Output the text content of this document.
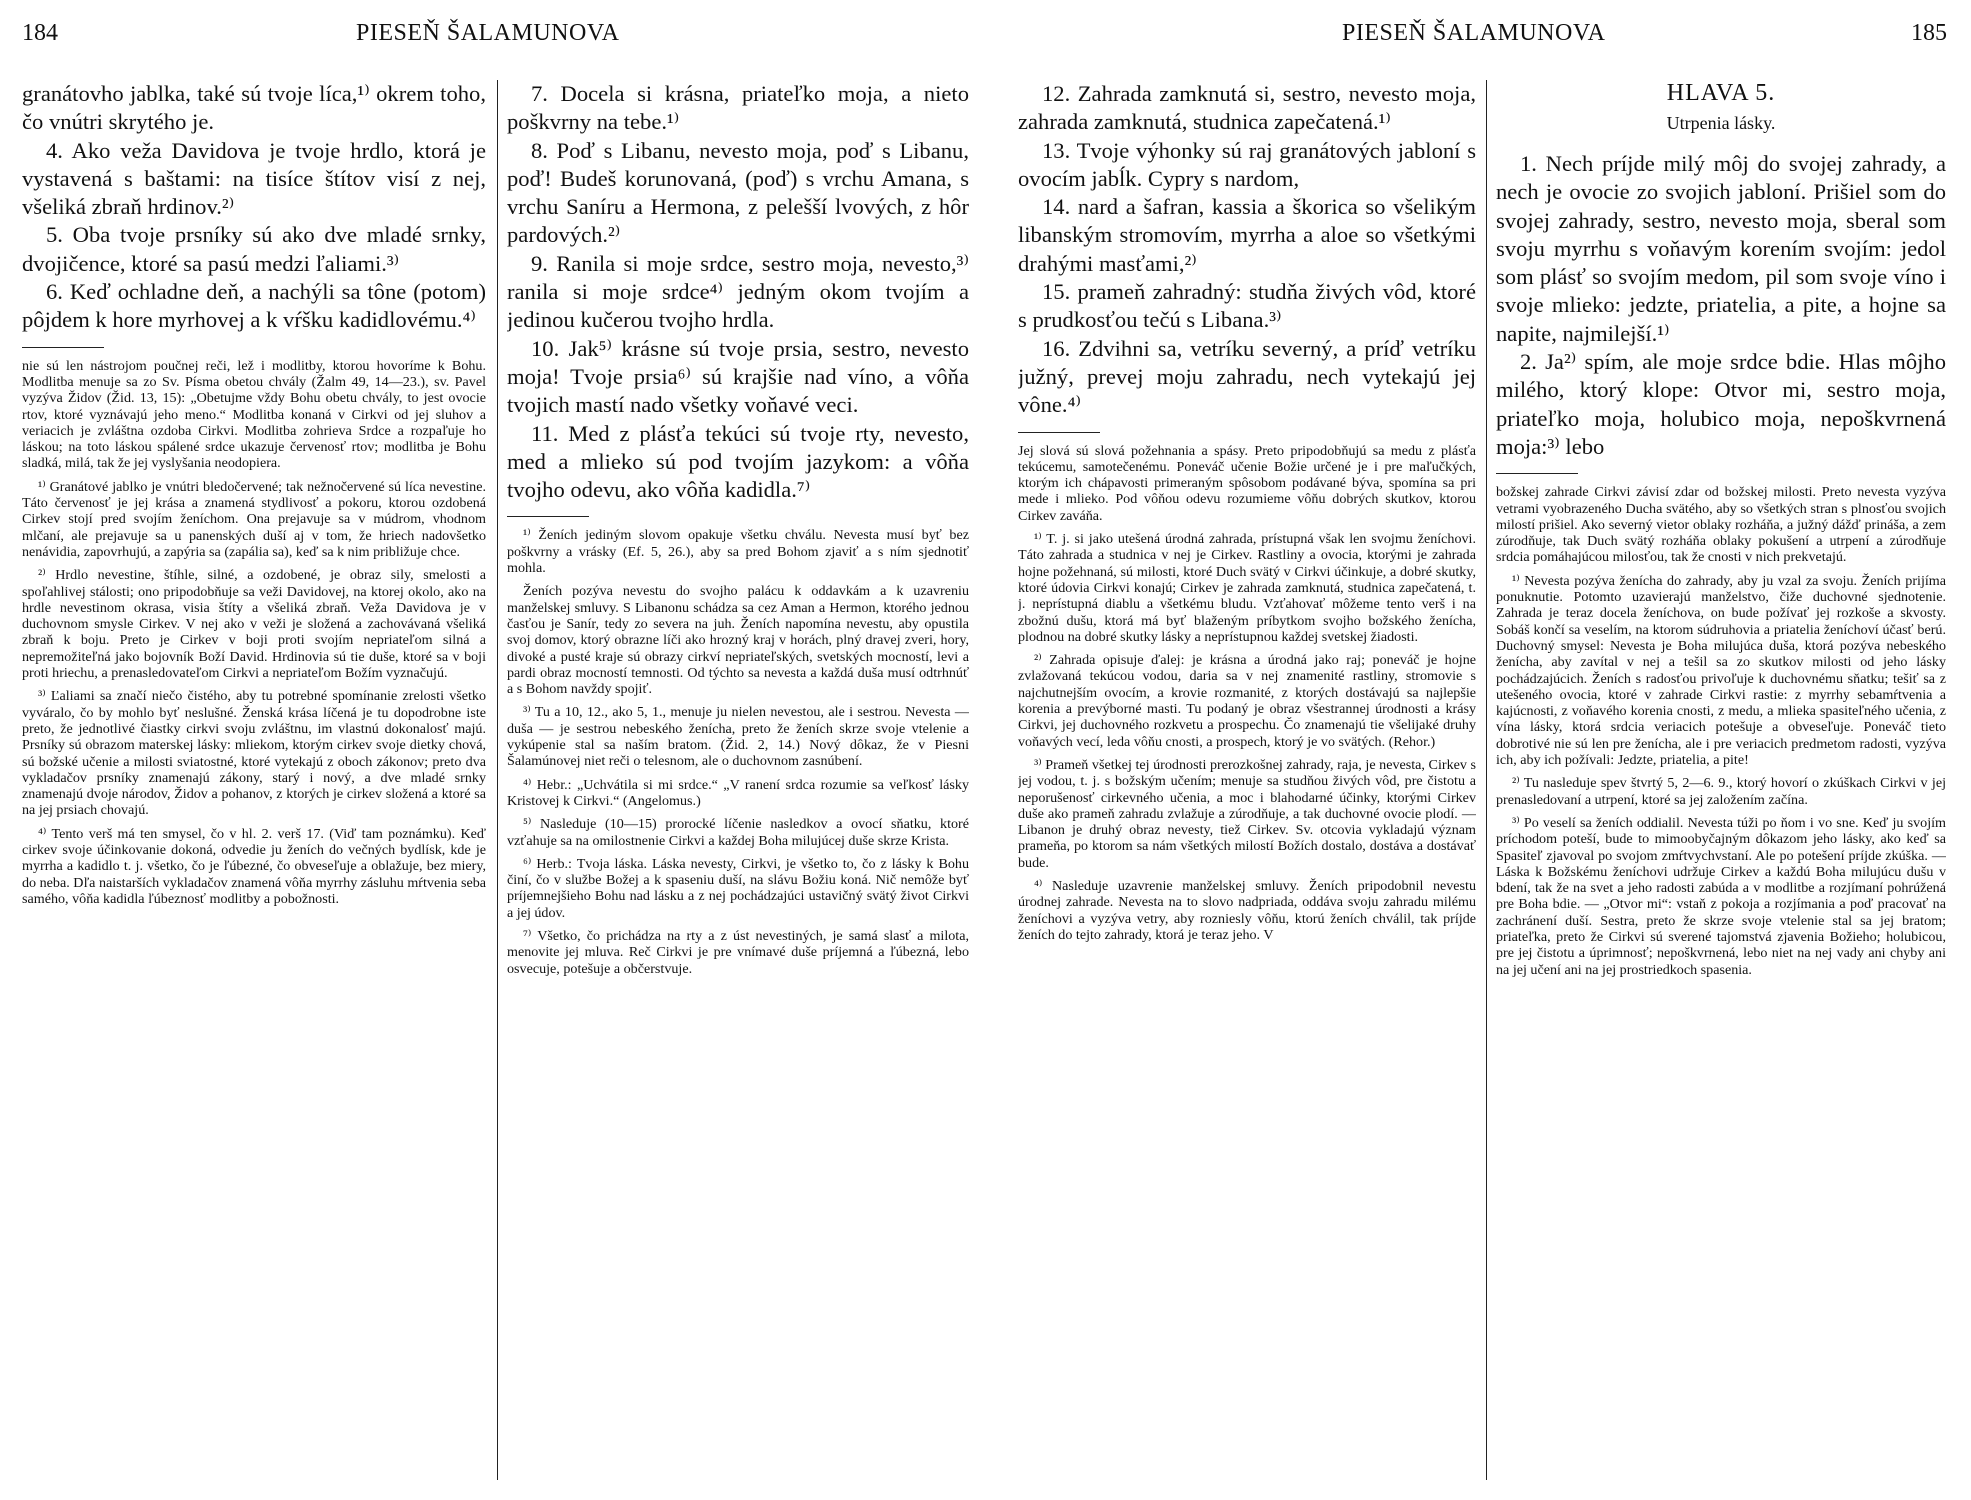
184	PIESEŇ ŠALAMUNOVA

granátovho jablka, také sú tvoje líca,¹⁾ okrem toho, čo vnútri skrytého je.

4. Ako veža Davidova je tvoje hrdlo, ktorá je vystavená s baštami: na tisíce štítov visí z nej, všeliká zbraň hrdinov.²⁾

5. Oba tvoje prsníky sú ako dve mladé srnky, dvojičence, ktoré sa pasú medzi ľaliami.³⁾

6. Keď ochladne deň, a nachýli sa tône (potom) pôjdem k hore myrhovej a k vŕšku kadidlovému.⁴⁾

nie sú len nástrojom poučnej reči, lež i modlitby, ktorou hovoríme k Bohu. Modlitba menuje sa zo Sv. Písma obetou chvály (Žalm 49, 14—23.), sv. Pavel vyzýva Židov (Žid. 13, 15): „Obetujme vždy Bohu obetu chvály, to jest ovocie rtov, ktoré vyznávajú jeho meno.“ Modlitba konaná v Cirkvi od jej sluhov a veriacich je zvláštna ozdoba Cirkvi. Modlitba zohrieva Srdce a rozpaľuje ho láskou; na toto láskou spálené srdce ukazuje červenosť rtov; modlitba je Bohu sladká, milá, tak že jej vyslyšania neodopiera.

¹⁾ Granátové jablko je vnútri bledočervené; tak nežnočervené sú líca nevestine. Táto červenosť je jej krása a znamená stydlivosť a pokoru, ktorou ozdobená Cirkev stojí pred svojím ženíchom. Ona prejavuje sa v múdrom, vhodnom mlčaní, ale prejavuje sa u panenských duší aj v tom, že hriech nadovšetko nenávidia, zapovrhujú, a zapýria sa (zapália sa), keď sa k nim približuje chce.

²⁾ Hrdlo nevestine, štíhle, silné, a ozdobené, je obraz sily, smelosti a spoľahlivej stálosti; ono pripodobňuje sa veži Davidovej, na ktorej okolo, ako na hrdle nevestinom okrasa, visia štíty a všeliká zbraň. Veža Davidova je v duchovnom smysle Cirkev. V nej ako v veži je složená a zachovávaná všeliká zbraň k boju. Preto je Cirkev v boji proti svojím nepriateľom silná a nepremožiteľná jako bojovník Boží David. Hrdinovia sú tie duše, ktoré sa v boji proti hriechu, a prenasledovateľom Cirkvi a nepriateľom Božím vyznačujú.

³⁾ Ľaliami sa značí niečo čistého, aby tu potrebné spomínanie zrelosti všetko vyváralo, čo by mohlo byť neslušné. Ženská krása líčená je tu dopodrobne iste preto, že jednotlivé čiastky cirkvi svoju zvláštnu, im vlastnú dokonalosť majú. Prsníky sú obrazom materskej lásky: mliekom, ktorým cirkev svoje dietky chová, sú božské učenie a milosti sviatostné, ktoré vytekajú z oboch zákonov; preto dva vykladačov prsníky znamenajú zákony, starý i nový, a dve mladé srnky znamenajú dvoje národov, Židov a pohanov, z ktorých je cirkev složená a ktoré sa na jej prsiach chovajú.

⁴⁾ Tento verš má ten smysel, čo v hl. 2. verš 17. (Viď tam poznámku). Keď cirkev svoje účinkovanie dokoná, odvedie ju ženích do večných bydlísk, kde je myrrha a kadidlo t. j. všetko, čo je ľúbezné, čo obveseľuje a oblažuje, bez miery, do neba. Dľa naistarších vykladačov znamená vôňa myrrhy zásluhu mŕtvenia seba samého, vôňa kadidla ľúbeznosť modlitby a pobožnosti.

7. Docela si krásna, priateľko moja, a nieto poškvrny na tebe.¹⁾

8. Poď s Libanu, nevesto moja, poď s Libanu, poď! Budeš korunovaná, (poď) s vrchu Amana, s vrchu Saníru a Hermona, z pelešší lvových, z hôr pardových.²⁾

9. Ranila si moje srdce, sestro moja, nevesto,³⁾ ranila si moje srdce⁴⁾ jedným okom tvojím a jedinou kučerou tvojho hrdla.

10. Jak⁵⁾ krásne sú tvoje prsia, sestro, nevesto moja! Tvoje prsia⁶⁾ sú krajšie nad víno, a vôňa tvojich mastí nado všetky voňavé veci.

11. Med z plásťa tekúci sú tvoje rty, nevesto, med a mlieko sú pod tvojím jazykom: a vôňa tvojho odevu, ako vôňa kadidla.⁷⁾

¹⁾ Ženích jediným slovom opakuje všetku chválu. Nevesta musí byť bez poškvrny a vrásky (Ef. 5, 26.), aby sa pred Bohom zjaviť a s ním sjednotiť mohla.

Ženích pozýva nevestu do svojho palácu k oddavkám a k uzavreniu manželskej smluvy. S Libanonu schádza sa cez Aman a Hermon, ktorého jednou časťou je Sanír, tedy zo severa na juh. Ženích napomína nevestu, aby opustila svoj domov, ktorý obrazne líči ako hrozný kraj v horách, plný dravej zveri, hory, divoké a pusté kraje sú obrazy cirkví nepriateľských, svetských mocností, levi a pardi obraz mocností temnosti. Od týchto sa nevesta a každá duša musí odtrhnúť a s Bohom navždy spojiť.

³⁾ Tu a 10, 12., ako 5, 1., menuje ju nielen nevestou, ale i sestrou. Nevesta — duša — je sestrou nebeského ženícha, preto že ženích skrze svoje vtelenie a vykúpenie stal sa naším bratom. (Žid. 2, 14.) Nový dôkaz, že v Piesni Šalamúnovej niet reči o telesnom, ale o duchovnom zasnúbení.

⁴⁾ Hebr.: „Uchvátila si mi srdce.“ „V ranení srdca rozumie sa veľkosť lásky Kristovej k Cirkvi.“ (Angelomus.)

⁵⁾ Nasleduje (10—15) prorocké líčenie nasledkov a ovocí sňatku, ktoré vzťahuje sa na omilostnenie Cirkvi a každej Boha milujúcej duše skrze Krista.

⁶⁾ Herb.: Tvoja láska. Láska nevesty, Cirkvi, je všetko to, čo z lásky k Bohu činí, čo v službe Božej a k spaseniu duší, na slávu Božiu koná. Nič nemôže byť príjemnejšieho Bohu nad lásku a z nej pochádzajúci ustavičný svätý život Cirkvi a jej údov.

⁷⁾ Všetko, čo prichádza na rty a z úst nevestiných, je samá slasť a milota, menovite jej mluva. Reč Cirkvi je pre vnímavé duše príjemná a ľúbezná, lebo osvecuje, potešuje a občerstvuje.

PIESEŇ ŠALAMUNOVA	185

12. Zahrada zamknutá si, sestro, nevesto moja, zahrada zamknutá, studnica zapečatená.¹⁾

13. Tvoje výhonky sú raj granátových jabloní s ovocím jabĺk. Cypry s nardom,

14. nard a šafran, kassia a škorica so všelikým libanským stromovím, myrrha a aloe so všetkými drahými masťami,²⁾

15. prameň zahradný: studňa živých vôd, ktoré s prudkosťou tečú s Libana.³⁾

16. Zdvihni sa, vetríku severný, a príď vetríku južný, prevej moju zahradu, nech vytekajú jej vône.⁴⁾

Jej slová sú slová požehnania a spásy. Preto pripodobňujú sa medu z plásťa tekúcemu, samotečenému. Poneváč učenie Božie určené je i pre maľučkých, ktorým ich chápavosti primeraným spôsobom podávané býva, spomína sa pri mede i mlieko. Pod vôňou odevu rozumieme vôňu dobrých skutkov, ktorou Cirkev zaváňa.

¹⁾ T. j. si jako utešená úrodná zahrada, prístupná však len svojmu ženíchovi. Táto zahrada a studnica v nej je Cirkev. Rastliny a ovocia, ktorými je zahrada hojne požehnaná, sú milosti, ktoré Duch svätý v Cirkvi účinkuje, a dobré skutky, ktoré údovia Cirkvi konajú; Cirkev je zahrada zamknutá, studnica zapečatená, t. j. neprístupná diablu a všetkému bludu. Vzťahovať môžeme tento verš i na zbožnú dušu, ktorá má byť blaženým príbytkom svojho božského ženícha, plodnou na dobré skutky lásky a neprístupnou každej svetskej žiadosti.

²⁾ Zahrada opisuje ďalej: je krásna a úrodná jako raj; poneváč je hojne zvlažovaná tekúcou vodou, daria sa v nej znamenité rastliny, stromovie s najchutnejším ovocím, a krovie rozmanité, z ktorých dostávajú sa najlepšie korenia a prevýborné masti. Tu podaný je obraz všestrannej úrodnosti a krásy Cirkvi, jej duchovného rozkvetu a prospechu. Čo znamenajú tie všelijaké druhy voňavých vecí, leda vôňu cnosti, a prospech, ktorý je vo svätých. (Rehor.)

³⁾ Prameň všetkej tej úrodnosti prerozkošnej zahrady, raja, je nevesta, Cirkev s jej vodou, t. j. s božským učením; menuje sa studňou živých vôd, pre čistotu a neporušenosť cirkevného učenia, a moc i blahodarné účinky, ktorými Cirkev duše ako prameň zahradu zvlažuje a zúrodňuje, a tak duchovné ovocie plodí. — Libanon je druhý obraz nevesty, tiež Cirkev. Sv. otcovia vykladajú význam prameňa, po ktorom sa nám všetkých milostí Božích dostalo, dostáva a dostávať bude.

⁴⁾ Nasleduje uzavrenie manželskej smluvy. Ženích pripodobnil nevestu úrodnej zahrade. Nevesta na to slovo nadpriada, oddáva svoju zahradu milému ženíchovi a vyzýva vetry, aby rozniesly vôňu, ktorú ženích chválil, tak príjde ženích do tejto zahrady, ktorá je teraz jeho. V

HLAVA 5.

Utrpenia lásky.

1. Nech príjde milý môj do svojej zahrady, a nech je ovocie zo svojich jabloní. Prišiel som do svojej zahrady, sestro, nevesto moja, sberal som svoju myrrhu s voňavým korením svojím: jedol som plásť so svojím medom, pil som svoje víno i svoje mlieko: jedzte, priatelia, a pite, a hojne sa napite, najmilejší.¹⁾

2. Ja²⁾ spím, ale moje srdce bdie. Hlas môjho milého, ktorý klope: Otvor mi, sestro moja, priateľko moja, holubico moja, nepoškvrnená moja:³⁾ lebo

božskej zahrade Cirkvi závisí zdar od božskej milosti. Preto nevesta vyzýva vetrami vyobrazeného Ducha svätého, aby so všetkých stran s plnosťou svojich milostí prišiel. Ako severný vietor oblaky rozháňa, a južný dážď prináša, a zem zúrodňuje, tak Duch svätý rozháňa oblaky pokušení a utrpení a zúrodňuje srdcia pomáhajúcou milosťou, tak že cnosti v nich prekvetajú.

¹⁾ Nevesta pozýva ženícha do zahrady, aby ju vzal za svoju. Ženích prijíma ponuknutie. Potomto uzavierajú manželstvo, čiže duchovné sjednotenie. Zahrada je teraz docela ženíchova, on bude požívať jej rozkoše a skvosty. Sobáš končí sa veselím, na ktorom súdruhovia a priatelia ženíchoví účasť berú. Duchovný smysel: Nevesta je Boha milujúca duša, ktorá pozýva nebeského ženícha, aby zavítal v nej a tešil sa zo skutkov milosti od jeho lásky pochádzajúcich. Ženích s radosťou privoľuje k duchovnému sňatku; tešiť sa z utešeného ovocia, ktoré v zahrade Cirkvi rastie: z myrrhy sebamŕtvenia a kajúcnosti, z voňavého korenia cnosti, z medu, a mlieka spasiteľného učenia, z vína lásky, ktorá srdcia veriacich potešuje a obveseľuje. Poneváč tieto dobrotivé nie sú len pre ženícha, ale i pre veriacich predmetom radosti, vyzýva ich, aby ich požívali: Jedzte, priatelia, a pite!

²⁾ Tu nasleduje spev štvrtý 5, 2—6. 9., ktorý hovorí o zkúškach Cirkvi v jej prenasledovaní a utrpení, ktoré sa jej založením začína.

³⁾ Po veselí sa ženích oddialil. Nevesta túži po ňom i vo sne. Keď ju svojím príchodom poteší, bude to mimoobyčajným dôkazom jeho lásky, ako keď sa Spasiteľ zjavoval po svojom zmŕtvychvstaní. Ale po potešení príjde zkúška. — Láska k Božskému ženíchovi udržuje Cirkev a každú Boha milujúcu dušu v bdení, tak že na svet a jeho radosti zabúda a v modlitbe a rozjímaní pohrúžená pre Boha bdie. — „Otvor mi“: vstaň z pokoja a rozjímania a poď pracovať na zachránení duší. Sestra, preto že skrze svoje vtelenie stal sa jej bratom; priateľka, preto že Cirkvi sú sverené tajomstvá zjavenia Božieho; holubicou, pre jej čistotu a úprimnosť; nepoškvrnená, lebo niet na nej vady ani chyby ani na jej učení ani na jej prostriedkoch spasenia.
